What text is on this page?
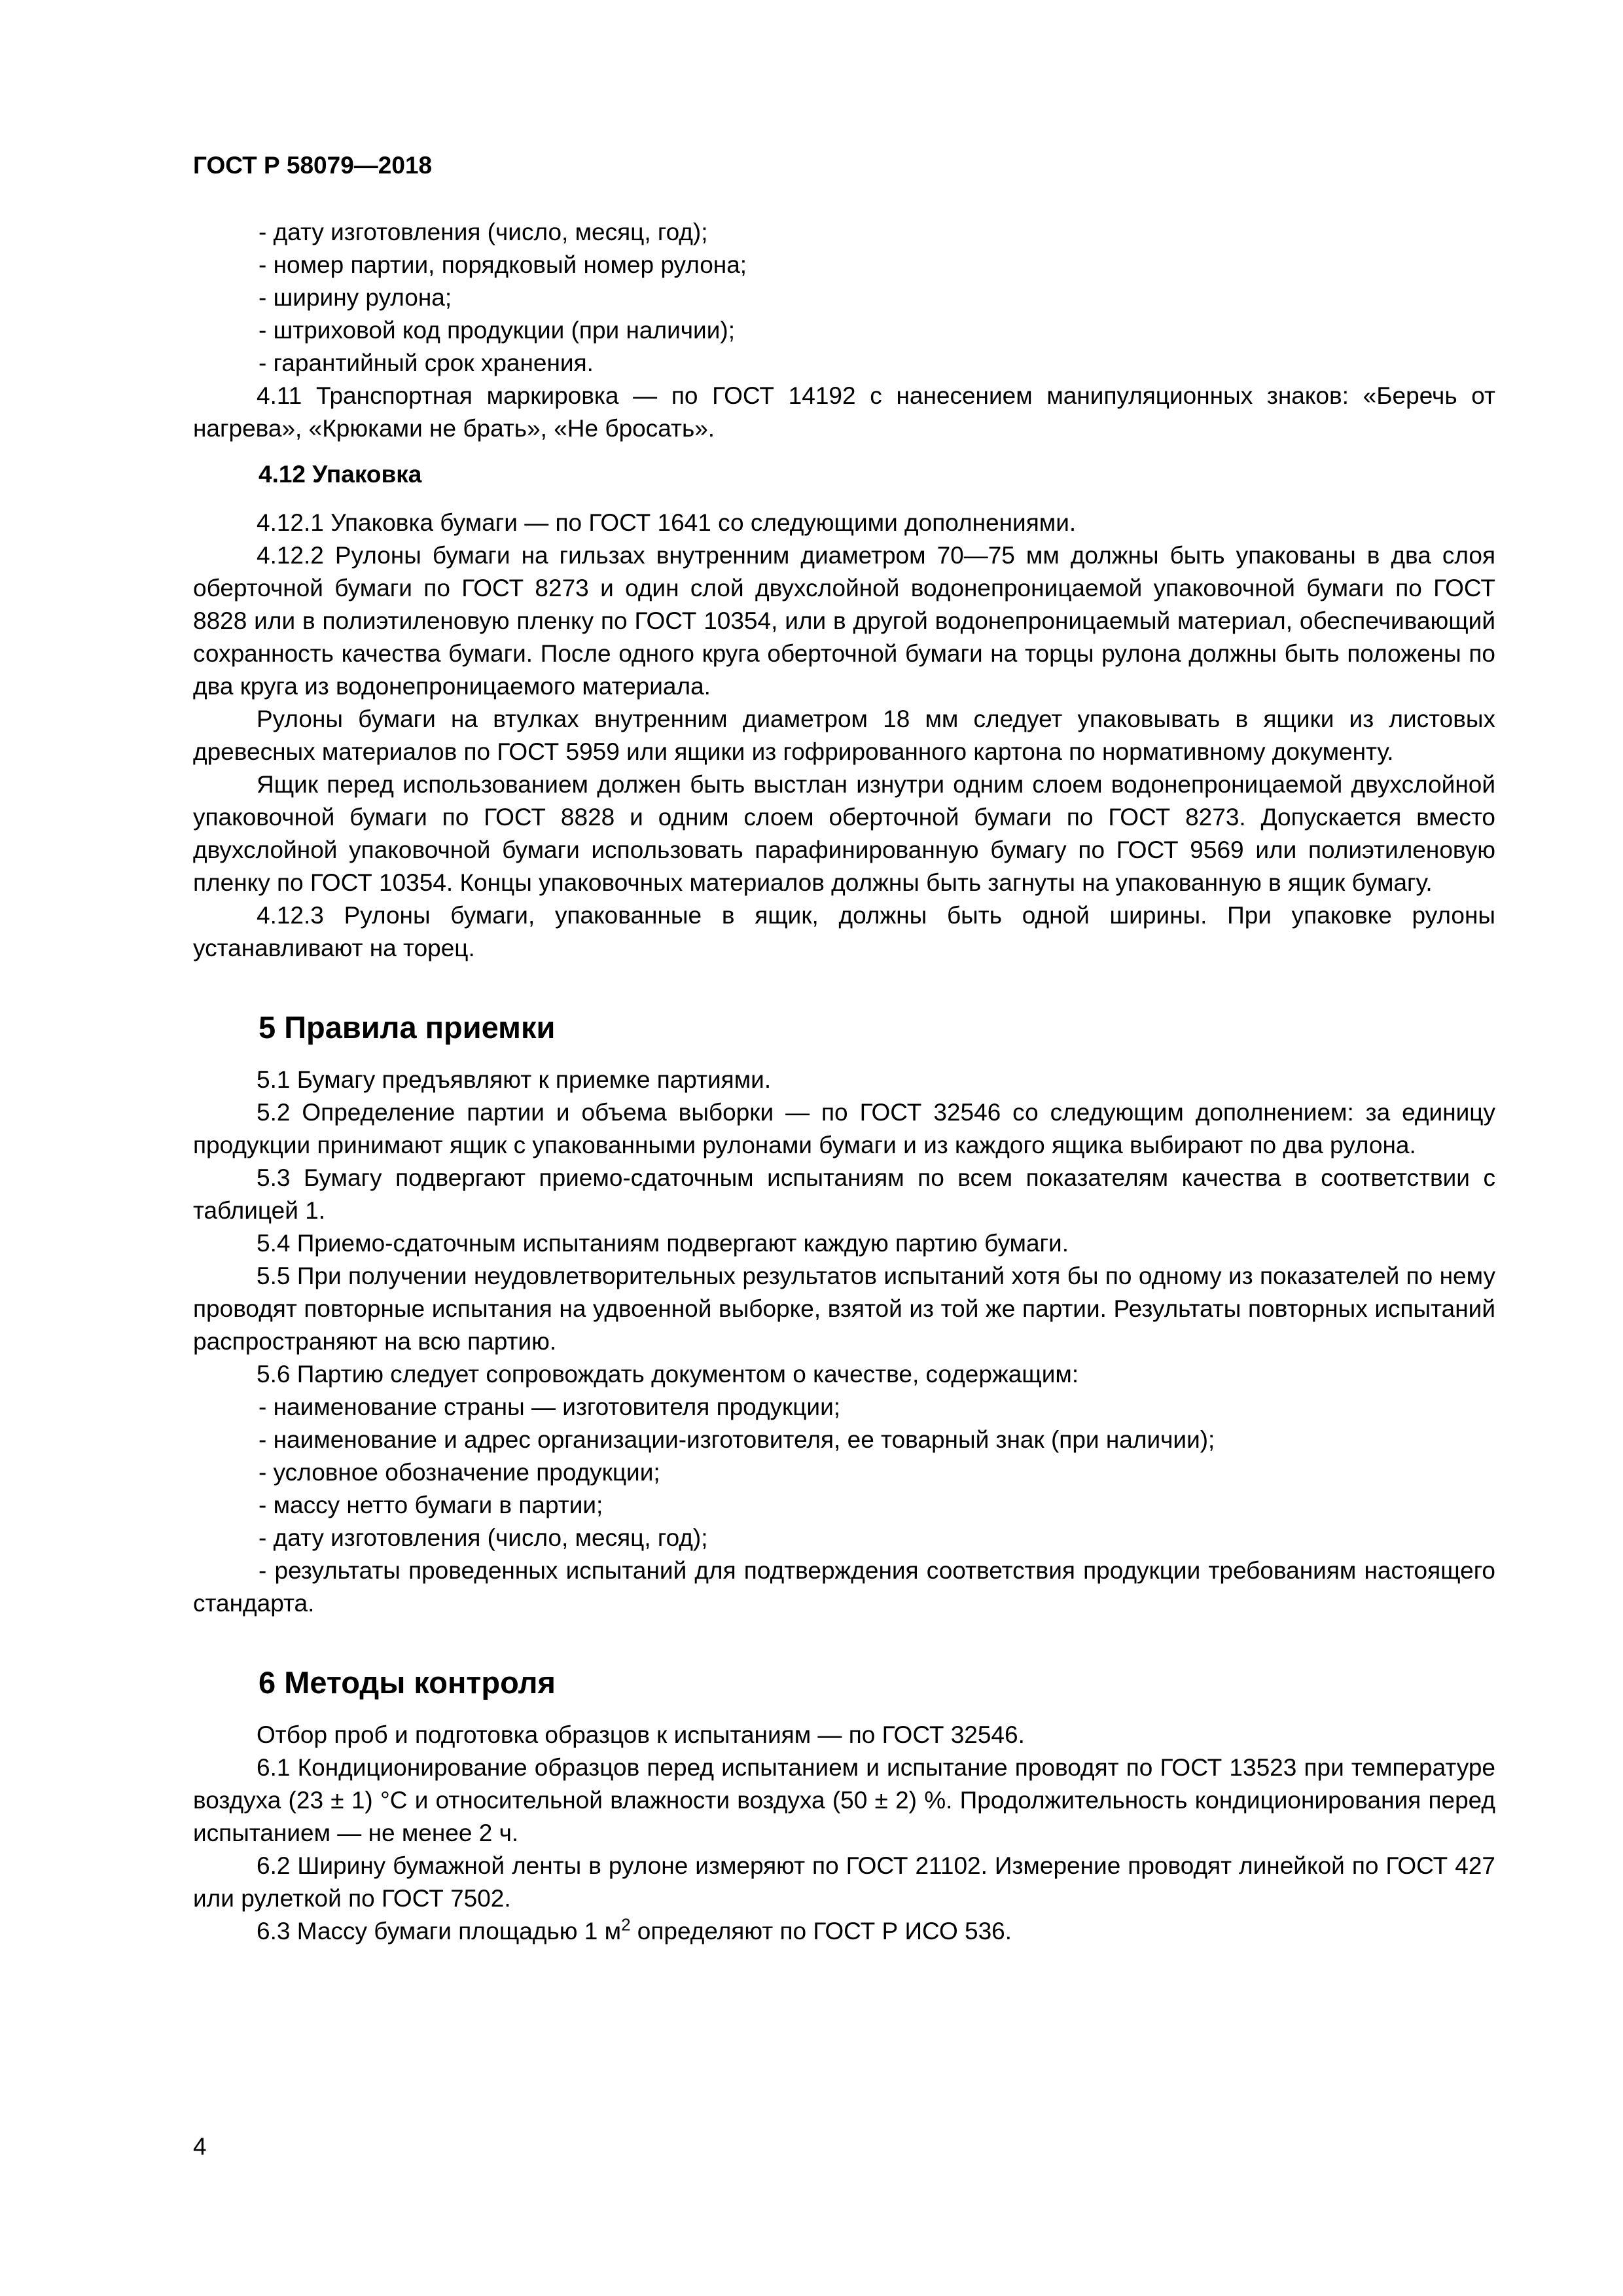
ГОСТ Р 58079—2018

- дату изготовления (число, месяц, год);

- номер партии, порядковый номер рулона;

- ширину рулона;

- штриховой код продукции (при наличии);

- гарантийный срок хранения.

4.11 Транспортная маркировка — по ГОСТ 14192 с нанесением манипуляционных знаков: «Беречь от нагрева», «Крюками не брать», «Не бросать».

4.12 Упаковка

4.12.1 Упаковка бумаги — по ГОСТ 1641 со следующими дополнениями.

4.12.2 Рулоны бумаги на гильзах внутренним диаметром 70—75 мм должны быть упакованы в два слоя оберточной бумаги по ГОСТ 8273 и один слой двухслойной водонепроницаемой упаковочной бумаги по ГОСТ 8828 или в полиэтиленовую пленку по ГОСТ 10354, или в другой водонепроницаемый материал, обеспечивающий сохранность качества бумаги. После одного круга оберточной бумаги на торцы рулона должны быть положены по два круга из водонепроницаемого материала.

Рулоны бумаги на втулках внутренним диаметром 18 мм следует упаковывать в ящики из листовых древесных материалов по ГОСТ 5959 или ящики из гофрированного картона по нормативному документу.

Ящик перед использованием должен быть выстлан изнутри одним слоем водонепроницаемой двухслойной упаковочной бумаги по ГОСТ 8828 и одним слоем оберточной бумаги по ГОСТ 8273. Допускается вместо двухслойной упаковочной бумаги использовать парафинированную бумагу по ГОСТ 9569 или полиэтиленовую пленку по ГОСТ 10354. Концы упаковочных материалов должны быть загнуты на упакованную в ящик бумагу.

4.12.3 Рулоны бумаги, упакованные в ящик, должны быть одной ширины. При упаковке рулоны устанавливают на торец.

5 Правила приемки

5.1 Бумагу предъявляют к приемке партиями.

5.2 Определение партии и объема выборки — по ГОСТ 32546 со следующим дополнением: за единицу продукции принимают ящик с упакованными рулонами бумаги и из каждого ящика выбирают по два рулона.

5.3 Бумагу подвергают приемо-сдаточным испытаниям по всем показателям качества в соответствии с таблицей 1.

5.4 Приемо-сдаточным испытаниям подвергают каждую партию бумаги.

5.5 При получении неудовлетворительных результатов испытаний хотя бы по одному из показателей по нему проводят повторные испытания на удвоенной выборке, взятой из той же партии. Результаты повторных испытаний распространяют на всю партию.

5.6 Партию следует сопровождать документом о качестве, содержащим:

- наименование страны — изготовителя продукции;

- наименование и адрес организации-изготовителя, ее товарный знак (при наличии);

- условное обозначение продукции;

- массу нетто бумаги в партии;

- дату изготовления (число, месяц, год);

- результаты проведенных испытаний для подтверждения соответствия продукции требованиям настоящего стандарта.

6 Методы контроля

Отбор проб и подготовка образцов к испытаниям — по ГОСТ 32546.

6.1 Кондиционирование образцов перед испытанием и испытание проводят по ГОСТ 13523 при температуре воздуха (23 ± 1) °С и относительной влажности воздуха (50 ± 2) %. Продолжительность кондиционирования перед испытанием — не менее 2 ч.

6.2 Ширину бумажной ленты в рулоне измеряют по ГОСТ 21102. Измерение проводят линейкой по ГОСТ 427 или рулеткой по ГОСТ 7502.

6.3 Массу бумаги площадью 1 $м^2$ определяют по ГОСТ Р ИСО 536.

4
